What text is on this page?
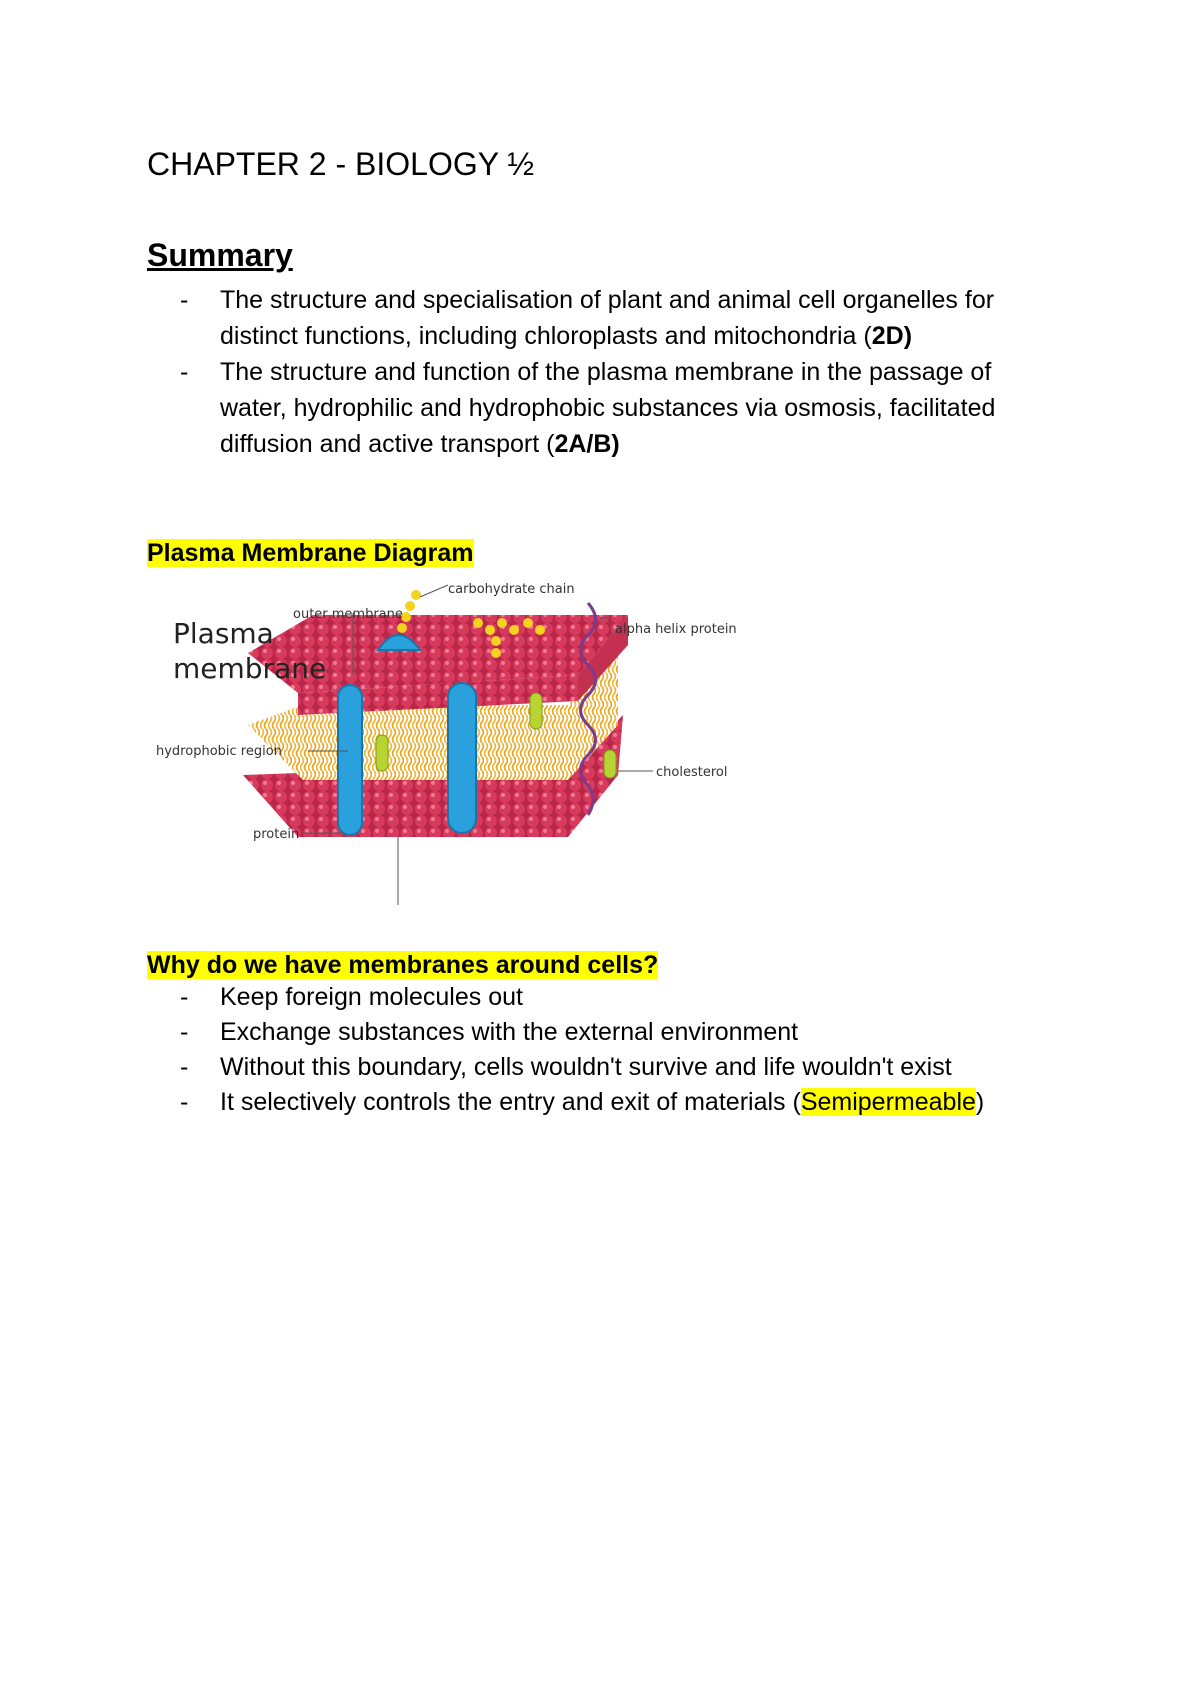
CHAPTER 2 - BIOLOGY ½
Summary
- The structure and specialisation of plant and animal cell organelles for distinct functions, including chloroplasts and mitochondria (2D)
- The structure and function of the plasma membrane in the passage of water, hydrophilic and hydrophobic substances via osmosis, facilitated diffusion and active transport (2A/B)
Plasma Membrane Diagram
Plasma
membrane
carbohydrate chain
outer membrane
alpha helix protein
hydrophobic region
cholesterol
protein
Why do we have membranes around cells?
- Keep foreign molecules out
- Exchange substances with the external environment
- Without this boundary, cells wouldn't survive and life wouldn't exist
- It selectively controls the entry and exit of materials (Semipermeable)
